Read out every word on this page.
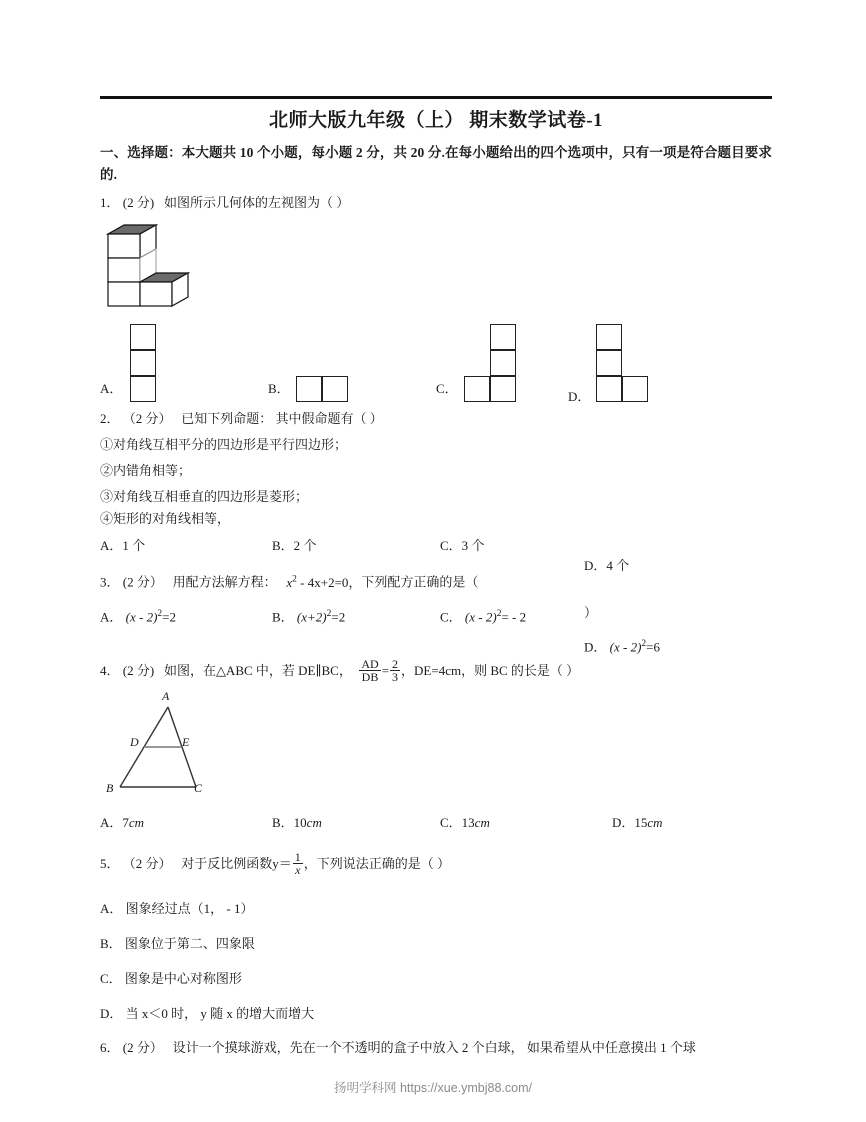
北师大版九年级（上） 期末数学试卷-1
一、选择题：本大题共 10 个小题，每小题 2 分，共 20 分.在每小题给出的四个选项中，只有一项是符合题目要求的.
1． (2 分) 如图所示几何体的左视图为（ ）
A．	B．	C．
D．
2． （2 分） 已知下列命题： 其中假命题有（ ）
①对角线互相平分的四边形是平行四边形；
②内错角相等；
③对角线互相垂直的四边形是菱形；
④矩形的对角线相等，
A．1 个	B．2 个	C．3 个
D．4 个
3． (2 分） 用配方法解方程： $x^2 - 4x+2=0$，下列配方正确的是（
A． (x - 2)$^2$=2	B． $(x+2)^2=2$	C． (x - 2)$^2$= - 2	）
D． (x - 2)$^2$=6
4． (2 分) 如图，在△ABC 中，若 DE∥BC， $\frac{AD}{DB} = \frac{2}{3}$ ，DE=4cm，则 BC 的长是（ ）
A
D	E
B	C
A．7cm	B．10cm	C．13cm	D．15cm
5． （2 分） 对于反比例函数$y= \frac{1}{x}$ ，下列说法正确的是（ ）
A． 图象经过点（1， - 1）
B． 图象位于第二、四象限
C． 图象是中心对称图形
D． 当 x＜0 时， y 随 x 的增大而增大
6． (2 分） 设计一个摸球游戏，先在一个不透明的盒子中放入 2 个白球， 如果希望从中任意摸出 1 个球
扬明学科网 https://xue.ymbj88.com/
